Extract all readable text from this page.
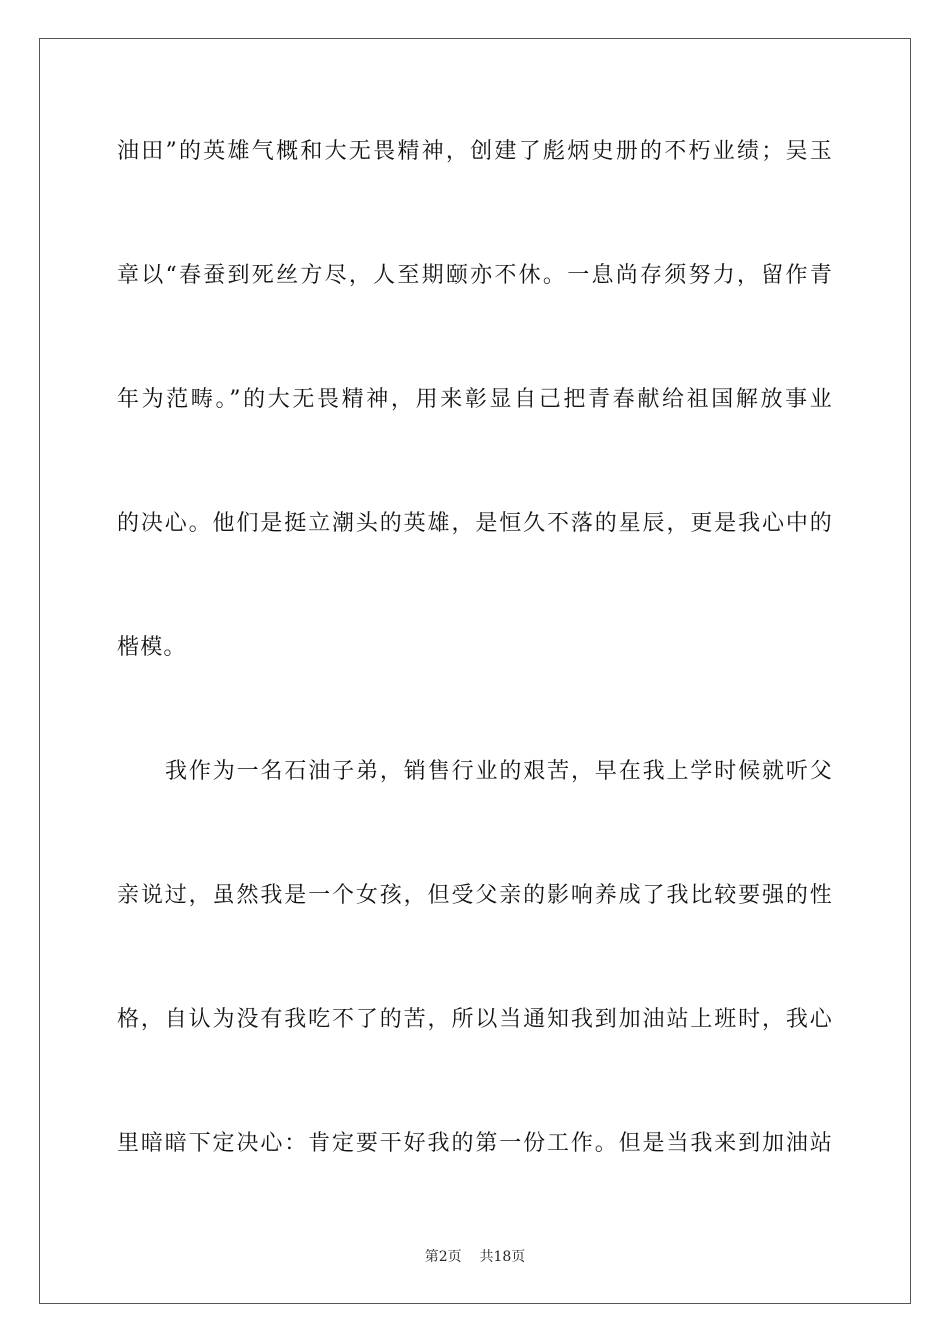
油田”的英雄气概和大无畏精神，创建了彪炳史册的不朽业绩；吴玉
章以“春蚕到死丝方尽，人至期颐亦不休。一息尚存须努力，留作青
年为范畴。”的大无畏精神，用来彰显自己把青春献给祖国解放事业
的决心。他们是挺立潮头的英雄，是恒久不落的星辰，更是我心中的
楷模。
我作为一名石油子弟，销售行业的艰苦，早在我上学时候就听父
亲说过，虽然我是一个女孩，但受父亲的影响养成了我比较要强的性
格，自认为没有我吃不了的苦，所以当通知我到加油站上班时，我心
里暗暗下定决心：肯定要干好我的第一份工作。但是当我来到加油站
第2页 共18页
